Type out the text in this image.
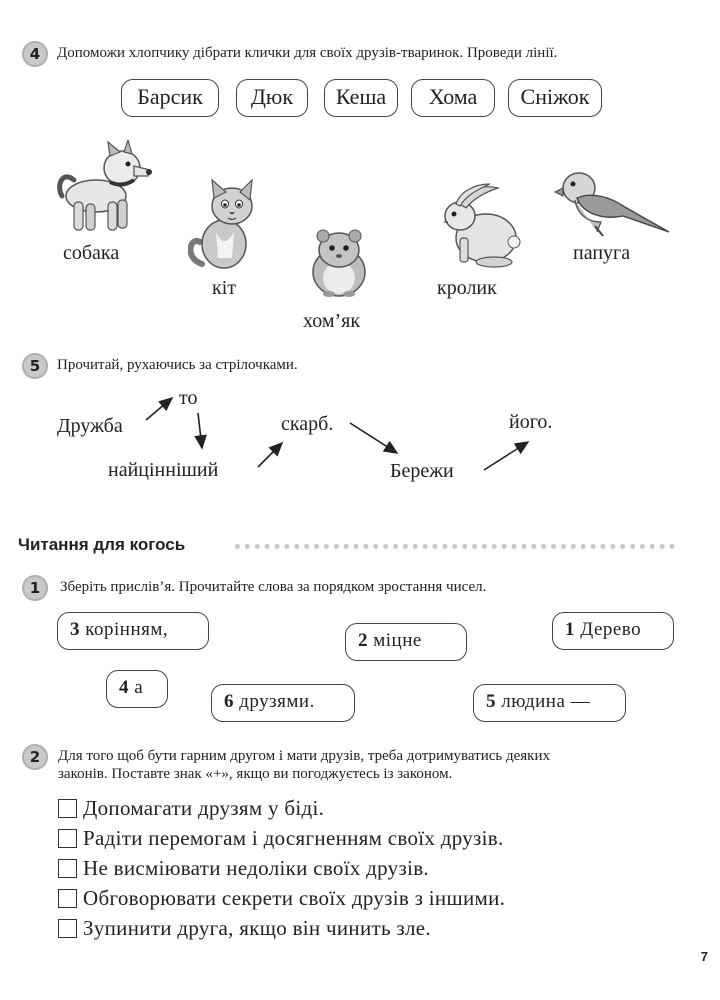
4	Допоможи хлопчику дібрати клички для своїх друзів-тваринок. Проведи лінії.
Барсик	Дюк	Кеша	Хома	Сніжок
собака
кіт
хом’як
кролик
папуга
5	Прочитай, рухаючись за стрілочками.
Дружба
то
найцінніший
скарб.
Бережи
його.
Читання для когось
1	Зберіть прислів’я. Прочитайте слова за порядком зростання чисел.
3 корінням,
2 міцне
1 Дерево
4 а
6 друзями.	5 людина —
2	Для того щоб бути гарним другом і мати друзів, треба дотримуватись деяких
законів. Поставте знак «+», якщо ви погоджуєтесь із законом.
Допомагати друзям у біді.
Радіти перемогам і досягненням своїх друзів.
Не висміювати недоліки своїх друзів.
Обговорювати секрети своїх друзів з іншими.
Зупинити друга, якщо він чинить зле.
7
